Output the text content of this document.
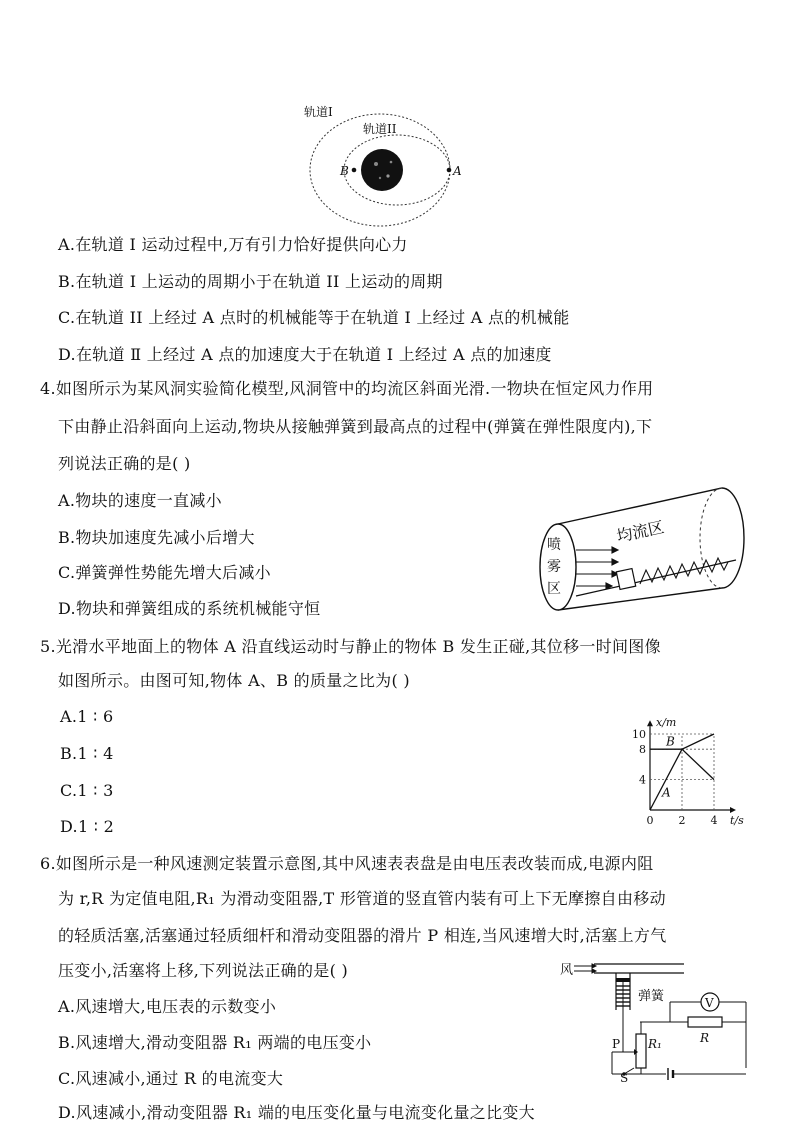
轨道I
轨道II
B	A
A.在轨道 I 运动过程中,万有引力恰好提供向心力
B.在轨道 I 上运动的周期小于在轨道 II 上运动的周期
C.在轨道 II 上经过 A 点时的机械能等于在轨道 I 上经过 A 点的机械能
D.在轨道 Ⅱ 上经过 A 点的加速度大于在轨道 I 上经过 A 点的加速度
4.如图所示为某风洞实验简化模型,风洞管中的均流区斜面光滑.一物块在恒定风力作用
下由静止沿斜面向上运动,物块从接触弹簧到最高点的过程中(弹簧在弹性限度内),下
列说法正确的是( )
A.物块的速度一直减小
B.物块加速度先减小后增大
C.弹簧弹性势能先增大后减小
D.物块和弹簧组成的系统机械能守恒
喷
雾
区
均流区
5.光滑水平地面上的物体 A 沿直线运动时与静止的物体 B 发生正碰,其位移一时间图像
如图所示。由图可知,物体 A、B 的质量之比为( )
A.1 ∶ 6
B.1 ∶ 4
C.1 ∶ 3
D.1 ∶ 2
4
8
10
0 2 4 t/s
x/m
A
B
6.如图所示是一种风速测定装置示意图,其中风速表表盘是由电压表改装而成,电源内阻
为 r,R 为定值电阻,R₁ 为滑动变阻器,T 形管道的竖直管内装有可上下无摩擦自由移动
的轻质活塞,活塞通过轻质细杆和滑动变阻器的滑片 P 相连,当风速增大时,活塞上方气
压变小,活塞将上移,下列说法正确的是( )
A.风速增大,电压表的示数变小
B.风速增大,滑动变阻器 R₁ 两端的电压变小
C.风速减小,通过 R 的电流变大
D.风速减小,滑动变阻器 R₁ 端的电压变化量与电流变化量之比变大
风
弹簧	V
P R₁	R
S
